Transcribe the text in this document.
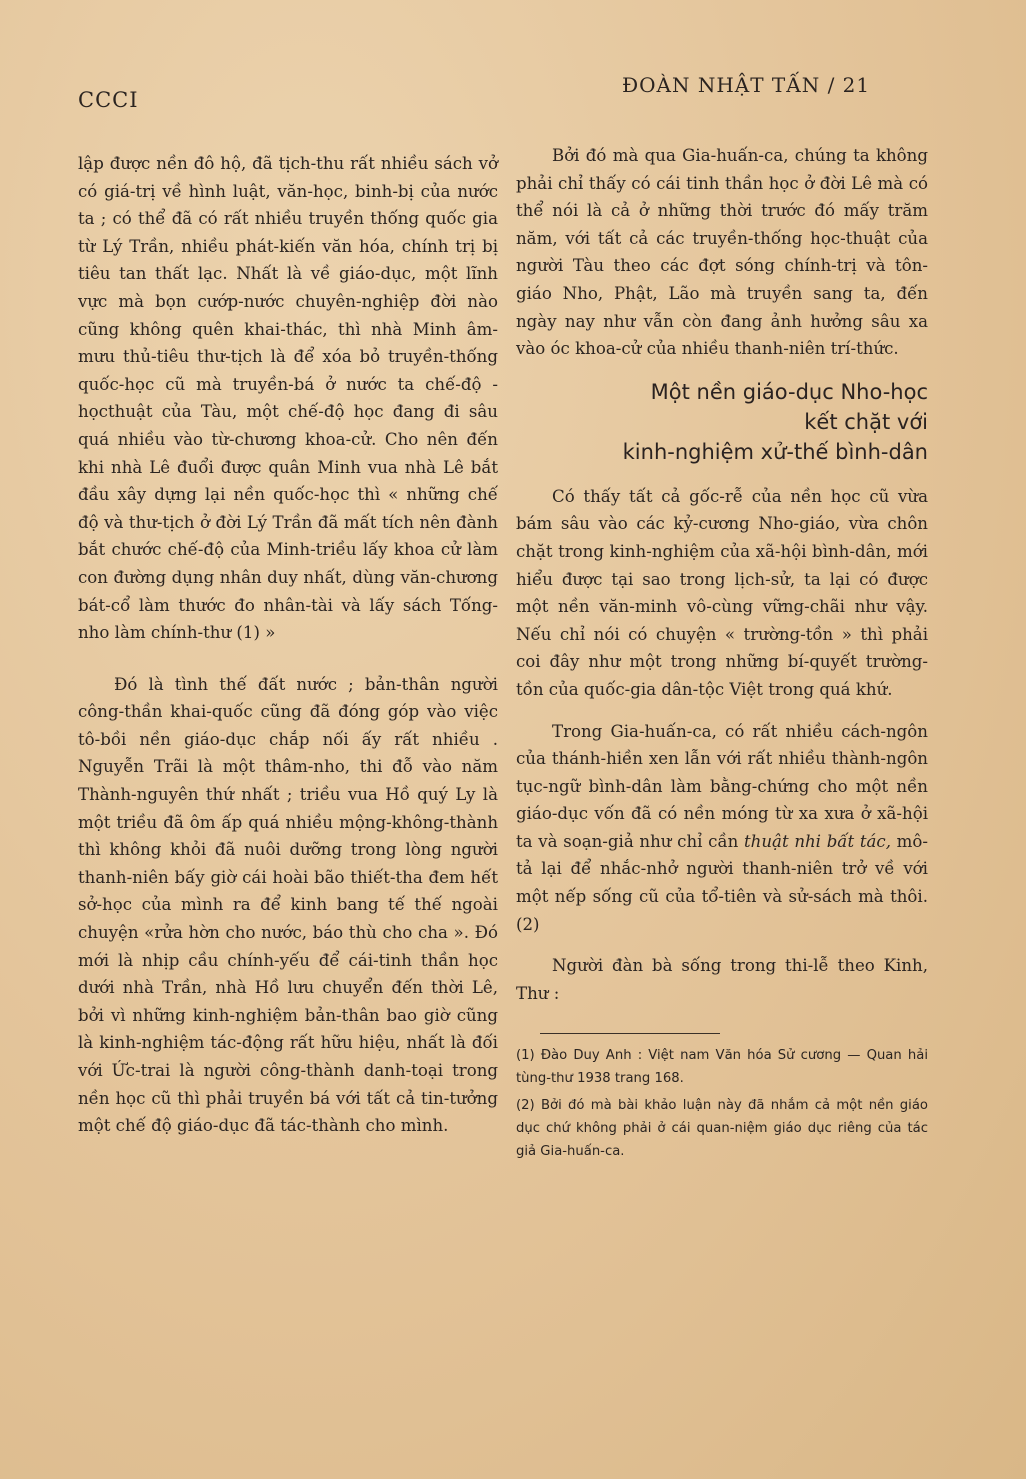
CCCI
ĐOÀN NHẬT TẤN / 21

lập được nền đô hộ, đã tịch-thu rất nhiều sách vở có giá-trị về hình luật, văn-học, binh-bị của nước ta ; có thể đã có rất nhiều truyền thống quốc gia từ Lý Trần, nhiều phát-kiến văn hóa, chính trị bị tiêu tan thất lạc. Nhất là về giáo-dục, một lĩnh vực mà bọn cướp-nước chuyên-nghiệp đời nào cũng không quên khai-thác, thì nhà Minh âm-mưu thủ-tiêu thư-tịch là để xóa bỏ truyền-thống quốc-học cũ mà truyền-bá ở nước ta chế-độ -họcthuật của Tàu, một chế-độ học đang đi sâu quá nhiều vào từ-chương khoa-cử. Cho nên đến khi nhà Lê đuổi được quân Minh vua nhà Lê bắt đầu xây dựng lại nền quốc-học thì « những chế độ và thư-tịch ở đời Lý Trần đã mất tích nên đành bắt chước chế-độ của Minh-triều lấy khoa cử làm con đường dụng nhân duy nhất, dùng văn-chương bát-cổ làm thước đo nhân-tài và lấy sách Tống-nho làm chính-thư (1) »

Đó là tình thế đất nước ; bản-thân người công-thần khai-quốc cũng đã đóng góp vào việc tô-bồi nền giáo-dục chắp nối ấy rất nhiều . Nguyễn Trãi là một thâm-nho, thi đỗ vào năm Thành-nguyên thứ nhất ; triều vua Hồ quý Ly là một triều đã ôm ấp quá nhiều mộng-không-thành thì không khỏi đã nuôi dưỡng trong lòng người thanh-niên bấy giờ cái hoài bão thiết-tha đem hết sở-học của mình ra để kinh bang tế thế ngoài chuyện «rửa hờn cho nước, báo thù cho cha ». Đó mới là nhịp cầu chính-yếu để cái-tinh thần học dưới nhà Trần, nhà Hồ lưu chuyển đến thời Lê, bởi vì những kinh-nghiệm bản-thân bao giờ cũng là kinh-nghiệm tác-động rất hữu hiệu, nhất là đối với Ức-trai là người công-thành danh-toại trong nền học cũ thì phải truyền bá với tất cả tin-tưởng một chế độ giáo-dục đã tác-thành cho mình.

Bởi đó mà qua Gia-huấn-ca, chúng ta không phải chỉ thấy có cái tinh thần học ở đời Lê mà có thể nói là cả ở những thời trước đó mấy trăm năm, với tất cả các truyền-thống học-thuật của người Tàu theo các đợt sóng chính-trị và tôn-giáo Nho, Phật, Lão mà truyền sang ta, đến ngày nay như vẫn còn đang ảnh hưởng sâu xa vào óc khoa-cử của nhiều thanh-niên trí-thức.

Một nền giáo-dục Nho-học
kết chặt với
kinh-nghiệm xử-thế bình-dân

Có thấy tất cả gốc-rễ của nền học cũ vừa bám sâu vào các kỷ-cương Nho-giáo, vừa chôn chặt trong kinh-nghiệm của xã-hội bình-dân, mới hiểu được tại sao trong lịch-sử, ta lại có được một nền văn-minh vô-cùng vững-chãi như vậy. Nếu chỉ nói có chuyện « trường-tồn » thì phải coi đây như một trong những bí-quyết trường-tồn của quốc-gia dân-tộc Việt trong quá khứ.

Trong Gia-huấn-ca, có rất nhiều cách-ngôn của thánh-hiền xen lẫn với rất nhiều thành-ngôn tục-ngữ bình-dân làm bằng-chứng cho một nền giáo-dục vốn đã có nền móng từ xa xưa ở xã-hội ta và soạn-giả như chỉ cần thuật nhi bất tác, mô-tả lại để nhắc-nhở người thanh-niên trở về với một nếp sống cũ của tổ-tiên và sử-sách mà thôi. (2)

Người đàn bà sống trong thi-lễ theo Kinh, Thư :

(1) Đào Duy Anh : Việt nam Văn hóa Sử cương — Quan hải tùng-thư 1938 trang 168.

(2) Bởi đó mà bài khảo luận này đã nhắm cả một nền giáo dục chứ không phải ở cái quan-niệm giáo dục riêng của tác giả Gia-huấn-ca.
